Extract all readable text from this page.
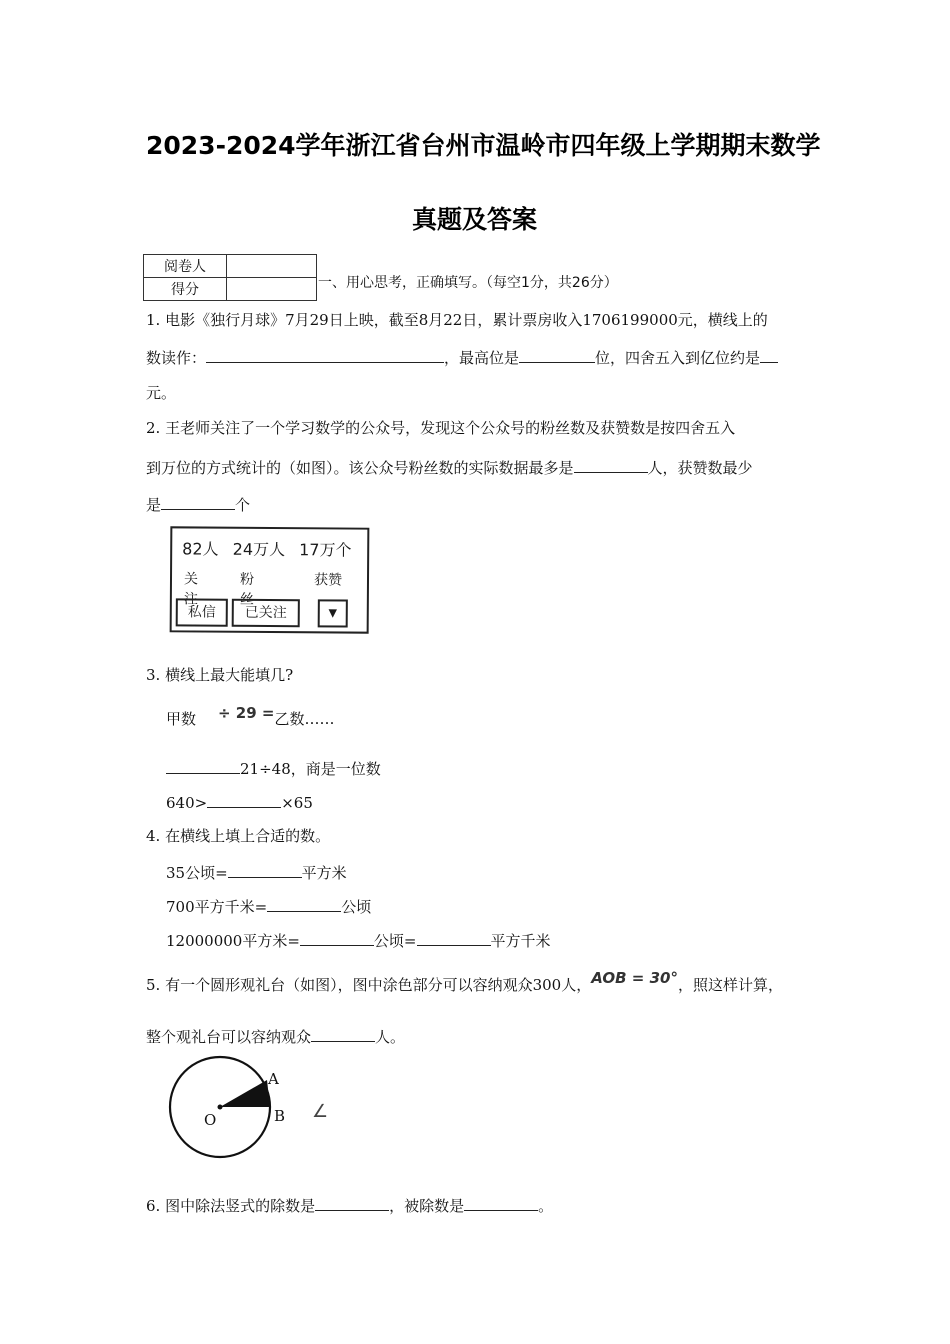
2023-2024学年浙江省台州市温岭市四年级上学期期末数学
真题及答案
阅卷人	
得分		一、用心思考，正确填写。（每空1分，共26分）
1. 电影《独行月球》7月29日上映，截至8月22日，累计票房收入1706199000元，横线上的
数读作：	，最高位是	位，四舍五入到亿位约是
元。
2. 王老师关注了一个学习数学的公众号，发现这个公众号的粉丝数及获赞数是按四舍五入
到万位的方式统计的（如图）。该公众号粉丝数的实际数据最多是	人，获赞数最少
是	个
82人 24万人 17万个
关注
粉丝
获赞
私信	已关注	▼
3. 横线上最大能填几?
甲数 ÷ 29 =乙数……
21÷48，商是一位数
640>	×65
4. 在横线上填上合适的数。
35公顷=	平方米
700平方千米=	公顷
12000000平方米=	公顷=	平方千米
5. 有一个圆形观礼台（如图），图中涂色部分可以容纳观众300人，AOB = 30°，照这样计算，
整个观礼台可以容纳观众	人。
O
A
B ∠
6. 图中除法竖式的除数是	，被除数是	。
